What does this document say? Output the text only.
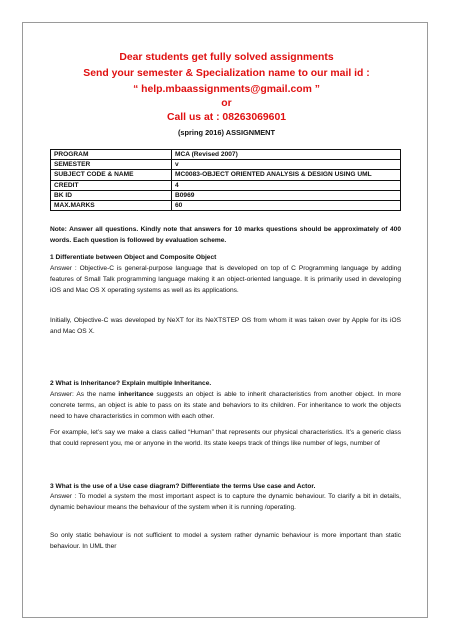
Dear students get fully solved assignments
Send your semester & Specialization name to our mail id :
“ help.mbaassignments@gmail.com ”
or
Call us at : 08263069601
(spring 2016) ASSIGNMENT
PROGRAM	MCA (Revised 2007)
SEMESTER	v
SUBJECT CODE & NAME	MC0083-OBJECT ORIENTED ANALYSIS & DESIGN USING UML
CREDIT	4
BK ID	B0969
MAX.MARKS	60
Note: Answer all questions. Kindly note that answers for 10 marks questions should be approximately of 400 words. Each question is followed by evaluation scheme.
1 Differentiate between Object and Composite Object
Answer : Objective-C is general-purpose language that is developed on top of C Programming language by adding features of Small Talk programming language making it an object-oriented language. It is primarily used in developing iOS and Mac OS X operating systems as well as its applications.
Initially, Objective-C was developed by NeXT for its NeXTSTEP OS from whom it was taken over by Apple for its iOS and Mac OS X.
2 What is Inheritance? Explain multiple Inheritance.
Answer: As the name inheritance suggests an object is able to inherit characteristics from another object. In more concrete terms, an object is able to pass on its state and behaviors to its children. For inheritance to work the objects need to have characteristics in common with each other.
For example, let’s say we make a class called “Human” that represents our physical characteristics. It’s a generic class that could represent you, me or anyone in the world. Its state keeps track of things like number of legs, number of
3 What is the use of a Use case diagram? Differentiate the terms Use case and Actor.
Answer : To model a system the most important aspect is to capture the dynamic behaviour. To clarify a bit in details, dynamic behaviour means the behaviour of the system when it is running /operating.
So only static behaviour is not sufficient to model a system rather dynamic behaviour is more important than static behaviour. In UML ther
